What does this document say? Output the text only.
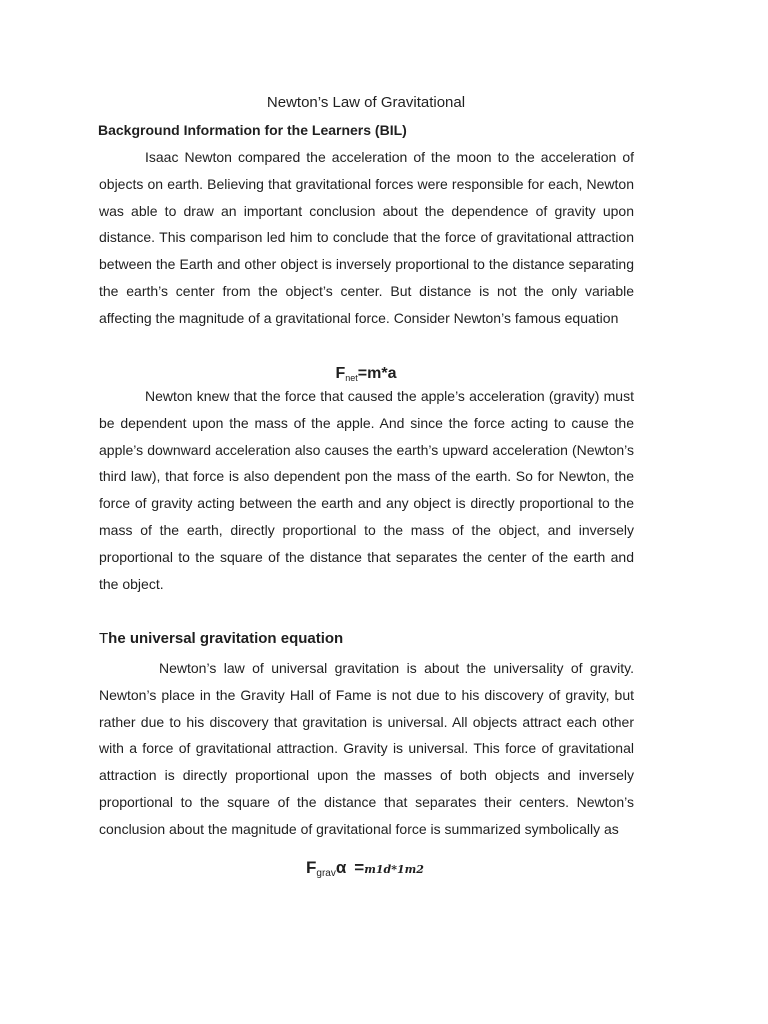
Newton’s Law of Gravitational
Background Information for the Learners (BIL)

Isaac Newton compared the acceleration of the moon to the acceleration of objects on earth. Believing that gravitational forces were responsible for each, Newton was able to draw an important conclusion about the dependence of gravity upon distance. This comparison led him to conclude that the force of gravitational attraction between the Earth and other object is inversely proportional to the distance separating the earth’s center from the object’s center. But distance is not the only variable affecting the magnitude of a gravitational force. Consider Newton’s famous equation

$F_{net}=m*a$

Newton knew that the force that caused the apple’s acceleration (gravity) must be dependent upon the mass of the apple. And since the force acting to cause the apple’s downward acceleration also causes the earth’s upward acceleration (Newton’s third law), that force is also dependent pon the mass of the earth. So for Newton, the force of gravity acting between the earth and any object is directly proportional to the mass of the earth, directly proportional to the mass of the object, and inversely proportional to the square of the distance that separates the center of the earth and the object.

The universal gravitation equation

Newton’s law of universal gravitation is about the universality of gravity. Newton’s place in the Gravity Hall of Fame is not due to his discovery of gravity, but rather due to his discovery that gravitation is universal. All objects attract each other with a force of gravitational attraction. Gravity is universal. This force of gravitational attraction is directly proportional upon the masses of both objects and inversely proportional to the square of the distance that separates their centers. Newton’s conclusion about the magnitude of gravitational force is summarized symbolically as

$F_{grav}\alpha =m1d*1m2$
